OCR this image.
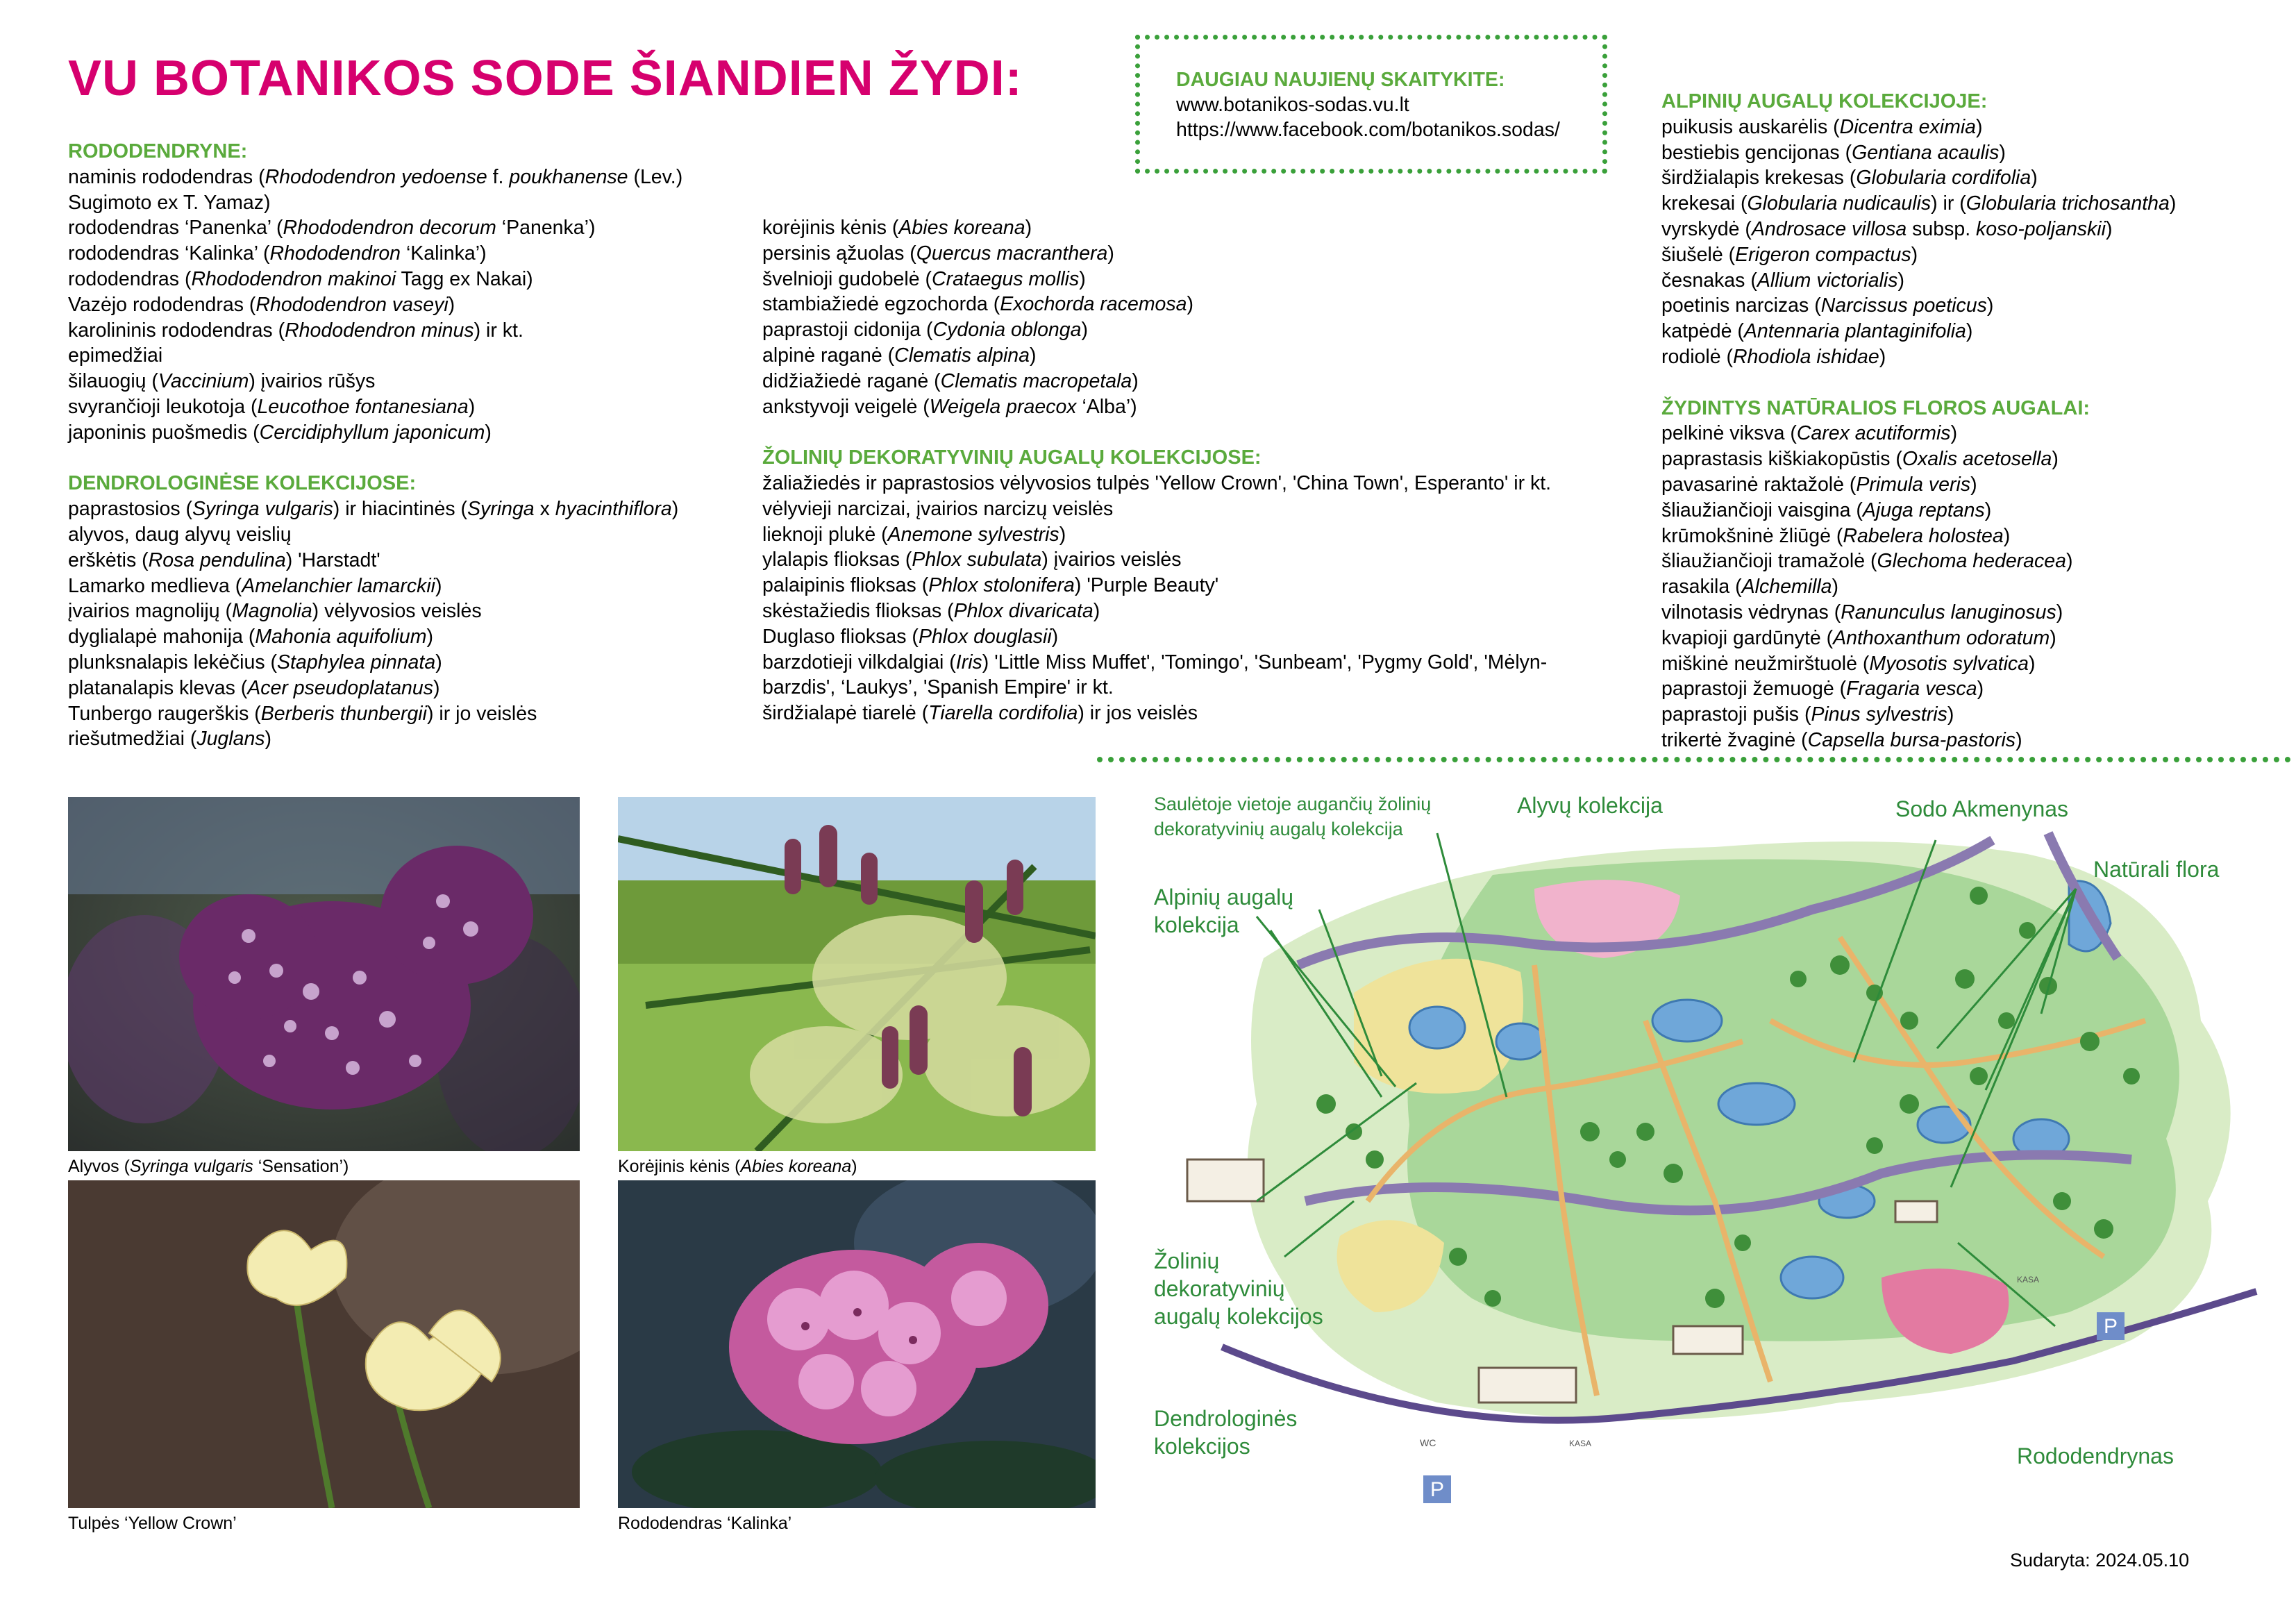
VU BOTANIKOS SODE ŠIANDIEN ŽYDI:	DAUGIAU NAUJIENŲ SKAITYKITE:
www.botanikos-sodas.vu.lt
https://www.facebook.com/botanikos.sodas/

RODODENDRYNE:

naminis rododendras (Rhododendron yedoense f. poukhanense (Lev.)

Sugimoto ex T. Yamaz)

rododendras ‘Panenka’ (Rhododendron decorum ‘Panenka’)

rododendras ‘Kalinka’ (Rhododendron ‘Kalinka’)

rododendras (Rhododendron makinoi Tagg ex Nakai)

Vazėjo rododendras (Rhododendron vaseyi)

karolininis rododendras (Rhododendron minus) ir kt.

epimedžiai

šilauogių (Vaccinium) įvairios rūšys

svyrančioji leukotoja (Leucothoe fontanesiana)

japoninis puošmedis (Cercidiphyllum japonicum)

DENDROLOGINĖSE KOLEKCIJOSE:

paprastosios (Syringa vulgaris) ir hiacintinės (Syringa x hyacinthiflora)

alyvos, daug alyvų veislių

erškėtis (Rosa pendulina) 'Harstadt'

Lamarko medlieva (Amelanchier lamarckii)

įvairios magnolijų (Magnolia) vėlyvosios veislės

dyglialapė mahonija (Mahonia aquifolium)

plunksnalapis lekėčius (Staphylea pinnata)

platanalapis klevas (Acer pseudoplatanus)

Tunbergo raugerškis (Berberis thunbergii) ir jo veislės

riešutmedžiai (Juglans)

korėjinis kėnis (Abies koreana)

persinis ąžuolas (Quercus macranthera)

švelnioji gudobelė (Crataegus mollis)

stambiažiedė egzochorda (Exochorda racemosa)

paprastoji cidonija (Cydonia oblonga)

alpinė raganė (Clematis alpina)

didžiažiedė raganė (Clematis macropetala)

ankstyvoji veigelė (Weigela praecox ‘Alba’)

ŽOLINIŲ DEKORATYVINIŲ AUGALŲ KOLEKCIJOSE:

žaliažiedės ir paprastosios vėlyvosios tulpės 'Yellow Crown', 'China Town', Esperanto' ir kt.

vėlyvieji narcizai, įvairios narcizų veislės

lieknoji plukė (Anemone sylvestris)

ylalapis flioksas (Phlox subulata) įvairios veislės

palaipinis flioksas (Phlox stolonifera) 'Purple Beauty'

skėstažiedis flioksas (Phlox divaricata)

Duglaso flioksas (Phlox douglasii)

barzdotieji vilkdalgiai (Iris) 'Little Miss Muffet', 'Tomingo', 'Sunbeam', 'Pygmy Gold', 'Mėlyn-

barzdis', ‘Laukys’, 'Spanish Empire' ir kt.

širdžialapė tiarelė (Tiarella cordifolia) ir jos veislės

ALPINIŲ AUGALŲ KOLEKCIJOJE:

puikusis auskarėlis (Dicentra eximia)

bestiebis gencijonas (Gentiana acaulis)

širdžialapis krekesas (Globularia cordifolia)

krekesai (Globularia nudicaulis) ir (Globularia trichosantha)

vyrskydė (Androsace villosa subsp. koso-poljanskii)

šiušelė (Erigeron compactus)

česnakas (Allium victorialis)

poetinis narcizas (Narcissus poeticus)

katpėdė (Antennaria plantaginifolia)

rodiolė (Rhodiola ishidae)

ŽYDINTYS NATŪRALIOS FLOROS AUGALAI:

pelkinė viksva (Carex acutiformis)

paprastasis kiškiakopūstis (Oxalis acetosella)

pavasarinė raktažolė (Primula veris)

šliaužiančioji vaisgina (Ajuga reptans)

krūmokšninė žliūgė (Rabelera holostea)

šliaužiančioji tramažolė (Glechoma hederacea)

rasakila (Alchemilla)

vilnotasis vėdrynas (Ranunculus lanuginosus)

kvapioji gardūnytė (Anthoxanthum odoratum)

miškinė neužmirštuolė (Myosotis sylvatica)

paprastoji žemuogė (Fragaria vesca)

paprastoji pušis (Pinus sylvestris)

trikertė žvaginė (Capsella bursa-pastoris)

Alyvos (Syringa vulgaris ‘Sensation’)	Korėjinis kėnis (Abies koreana)
Tulpės ‘Yellow Crown’	Rododendras ‘Kalinka’
P
P
WC	KASA
KASA
Saulėtoje vietoje augančių žolinių
dekoratyvinių augalų kolekcija
Alyvų kolekcija	Sodo Akmenynas
Natūrali flora
Alpinių augalų
kolekcija
Žolinių
dekoratyvinių
augalų kolekcijos
Dendrologinės
kolekcijos	Rododendrynas
Sudaryta: 2024.05.10
